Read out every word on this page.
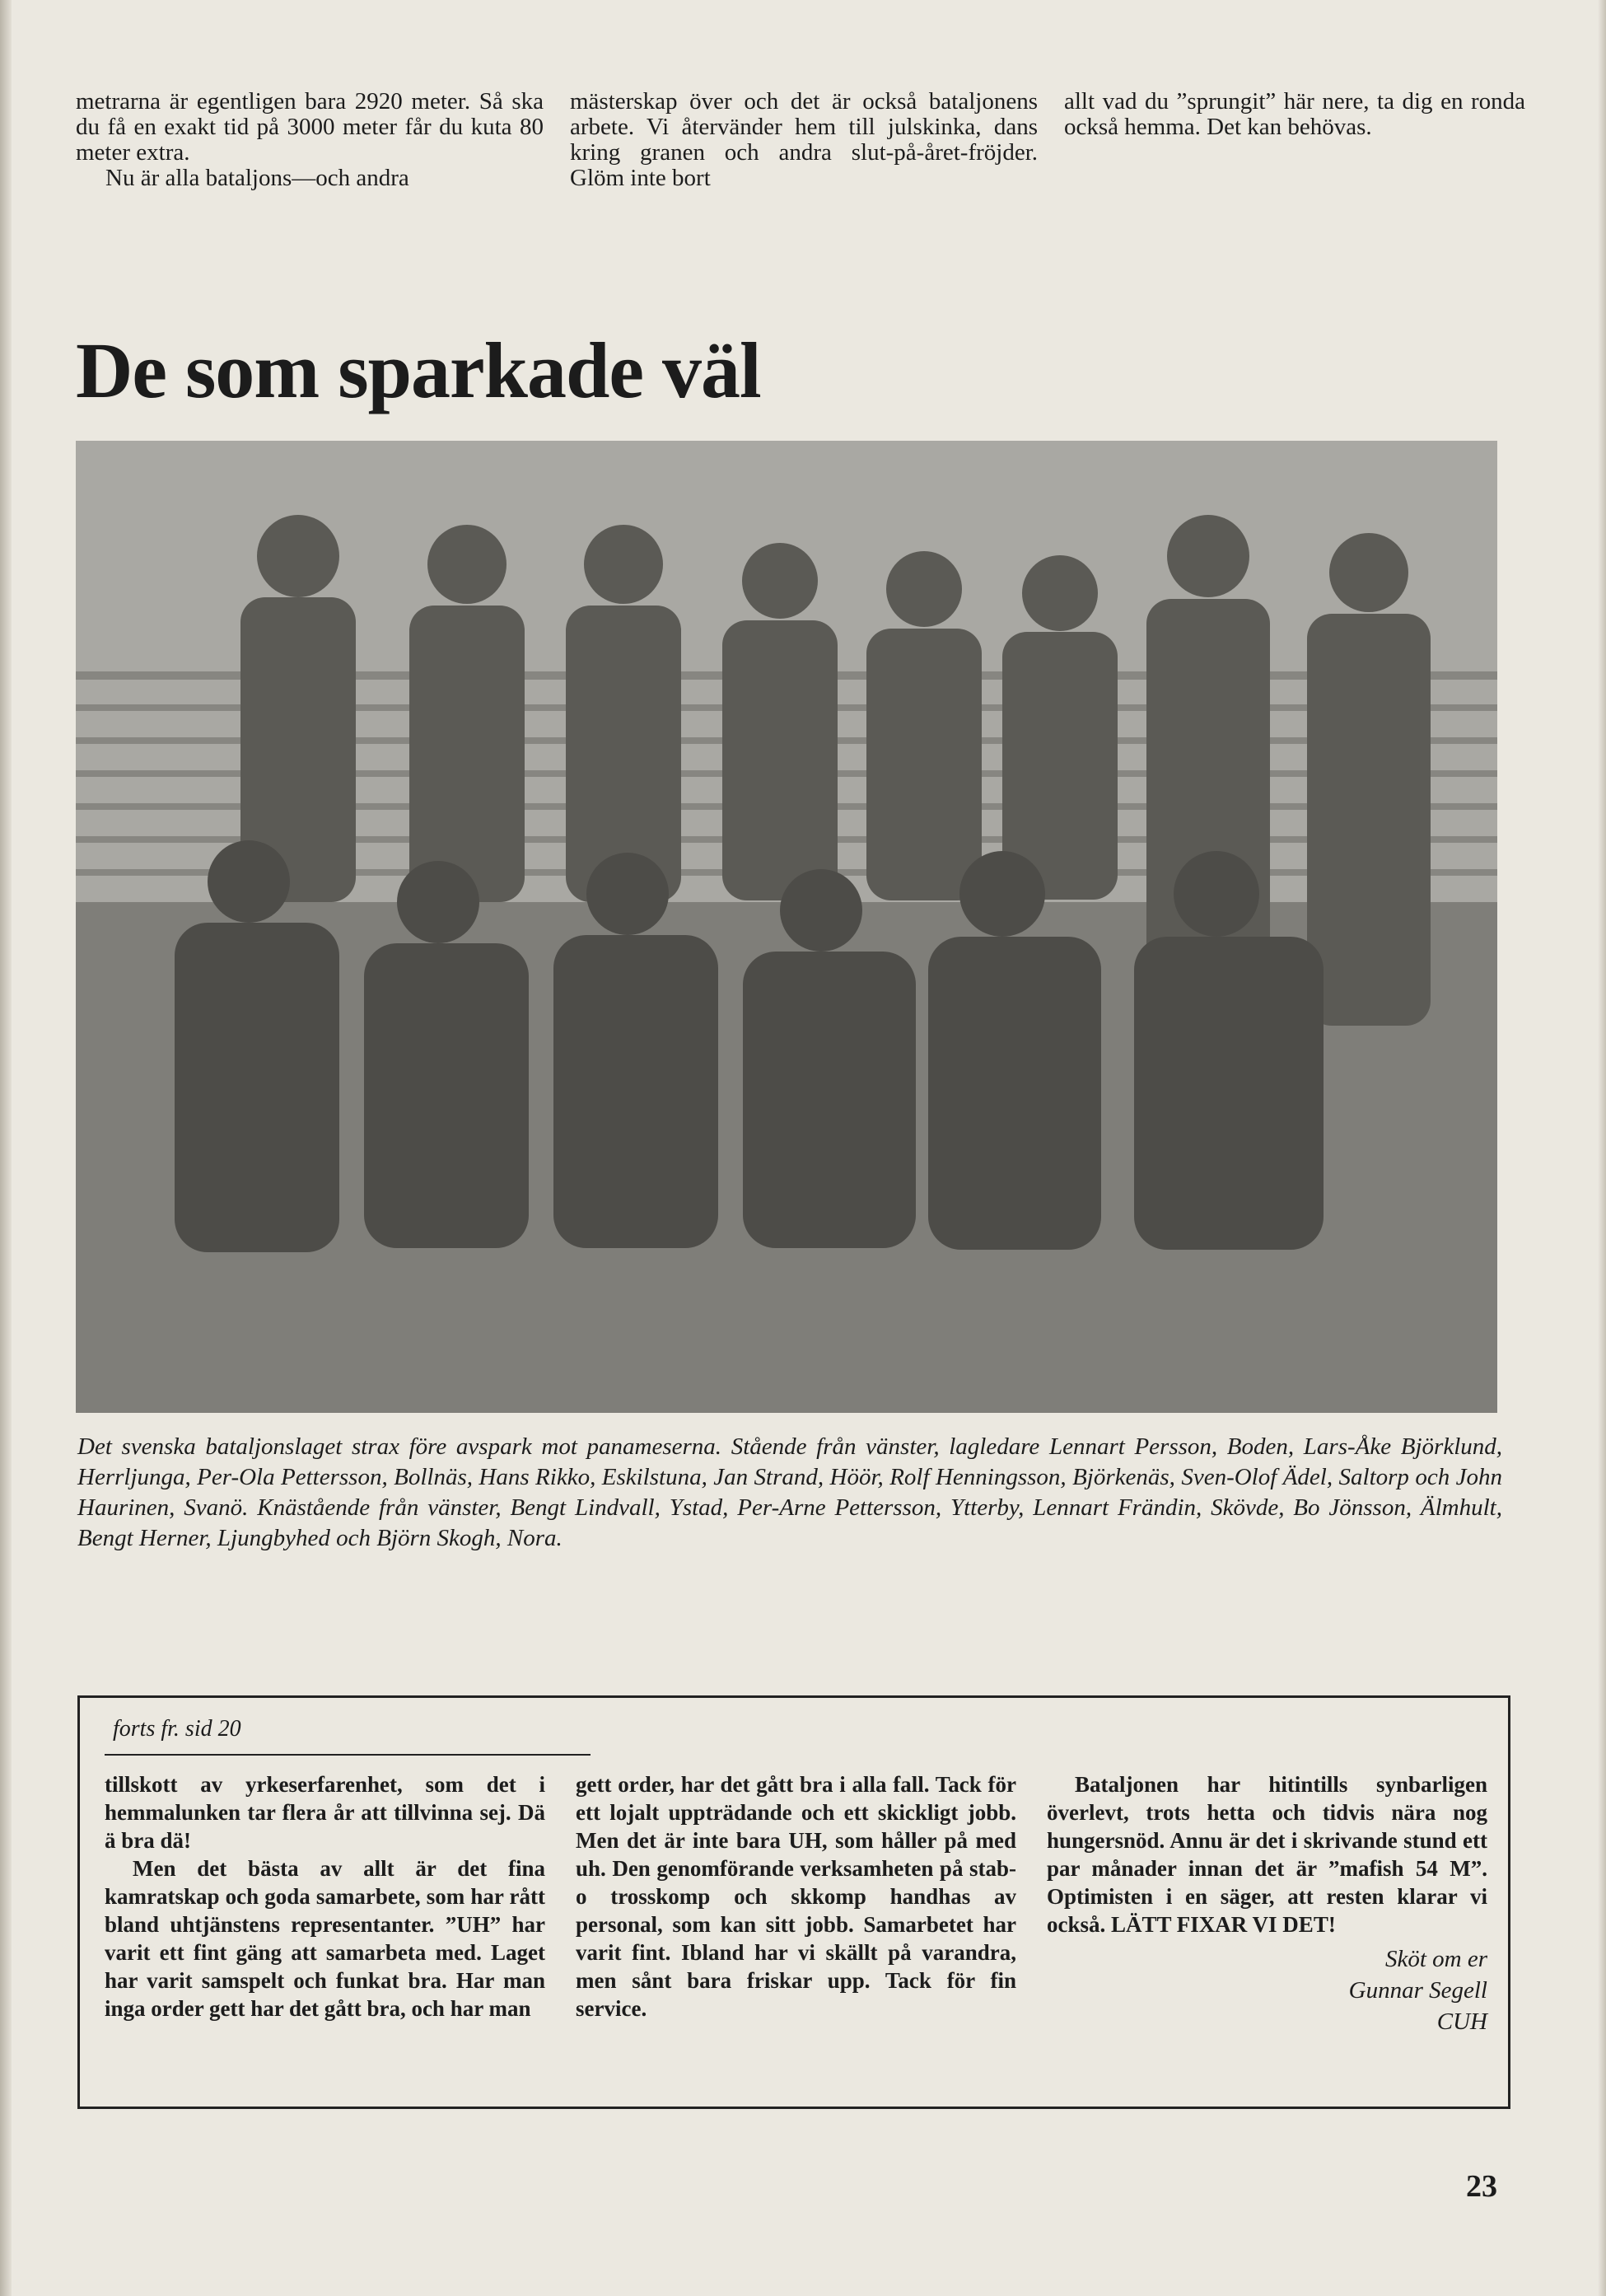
metrarna är egentligen bara 2920 meter. Så ska du få en exakt tid på 3000 meter får du kuta 80 meter extra.

Nu är alla bataljons—och andra

mästerskap över och det är också bataljonens arbete. Vi återvänder hem till julskinka, dans kring granen och andra slut-på-året-fröjder. Glöm inte bort

allt vad du ”sprungit” här nere, ta dig en ronda också hemma. Det kan behövas.

De som sparkade väl

Det svenska bataljonslaget strax före avspark mot panameserna. Stående från vänster, lagledare Lennart Persson, Boden, Lars-Åke Björklund, Herrljunga, Per-Ola Pettersson, Bollnäs, Hans Rikko, Eskilstuna, Jan Strand, Höör, Rolf Henningsson, Björkenäs, Sven-Olof Ädel, Saltorp och John Haurinen, Svanö. Knästående från vänster, Bengt Lindvall, Ystad, Per-Arne Pettersson, Ytterby, Lennart Frändin, Skövde, Bo Jönsson, Älmhult, Bengt Herner, Ljungbyhed och Björn Skogh, Nora.

forts fr. sid 20

tillskott av yrkeserfarenhet, som det i hemmalunken tar flera år att tillvinna sej. Dä ä bra dä!

Men det bästa av allt är det fina kamratskap och goda samarbete, som har rått bland uhtjänstens representanter. ”UH” har varit ett fint gäng att samarbeta med. Laget har varit samspelt och funkat bra. Har man inga order gett har det gått bra, och har man

gett order, har det gått bra i alla fall. Tack för ett lojalt uppträdande och ett skickligt jobb. Men det är inte bara UH, som håller på med uh. Den genomförande verksamheten på stab-o trosskomp och skkomp handhas av personal, som kan sitt jobb. Samarbetet har varit fint. Ibland har vi skällt på varandra, men sånt bara friskar upp. Tack för fin service.

Bataljonen har hitintills synbarligen överlevt, trots hetta och tidvis nära nog hungersnöd. Annu är det i skrivande stund ett par månader innan det är ”mafish 54 M”. Optimisten i en säger, att resten klarar vi också. LÄTT FIXAR VI DET!

Sköt om er
Gunnar Segell
CUH

23
